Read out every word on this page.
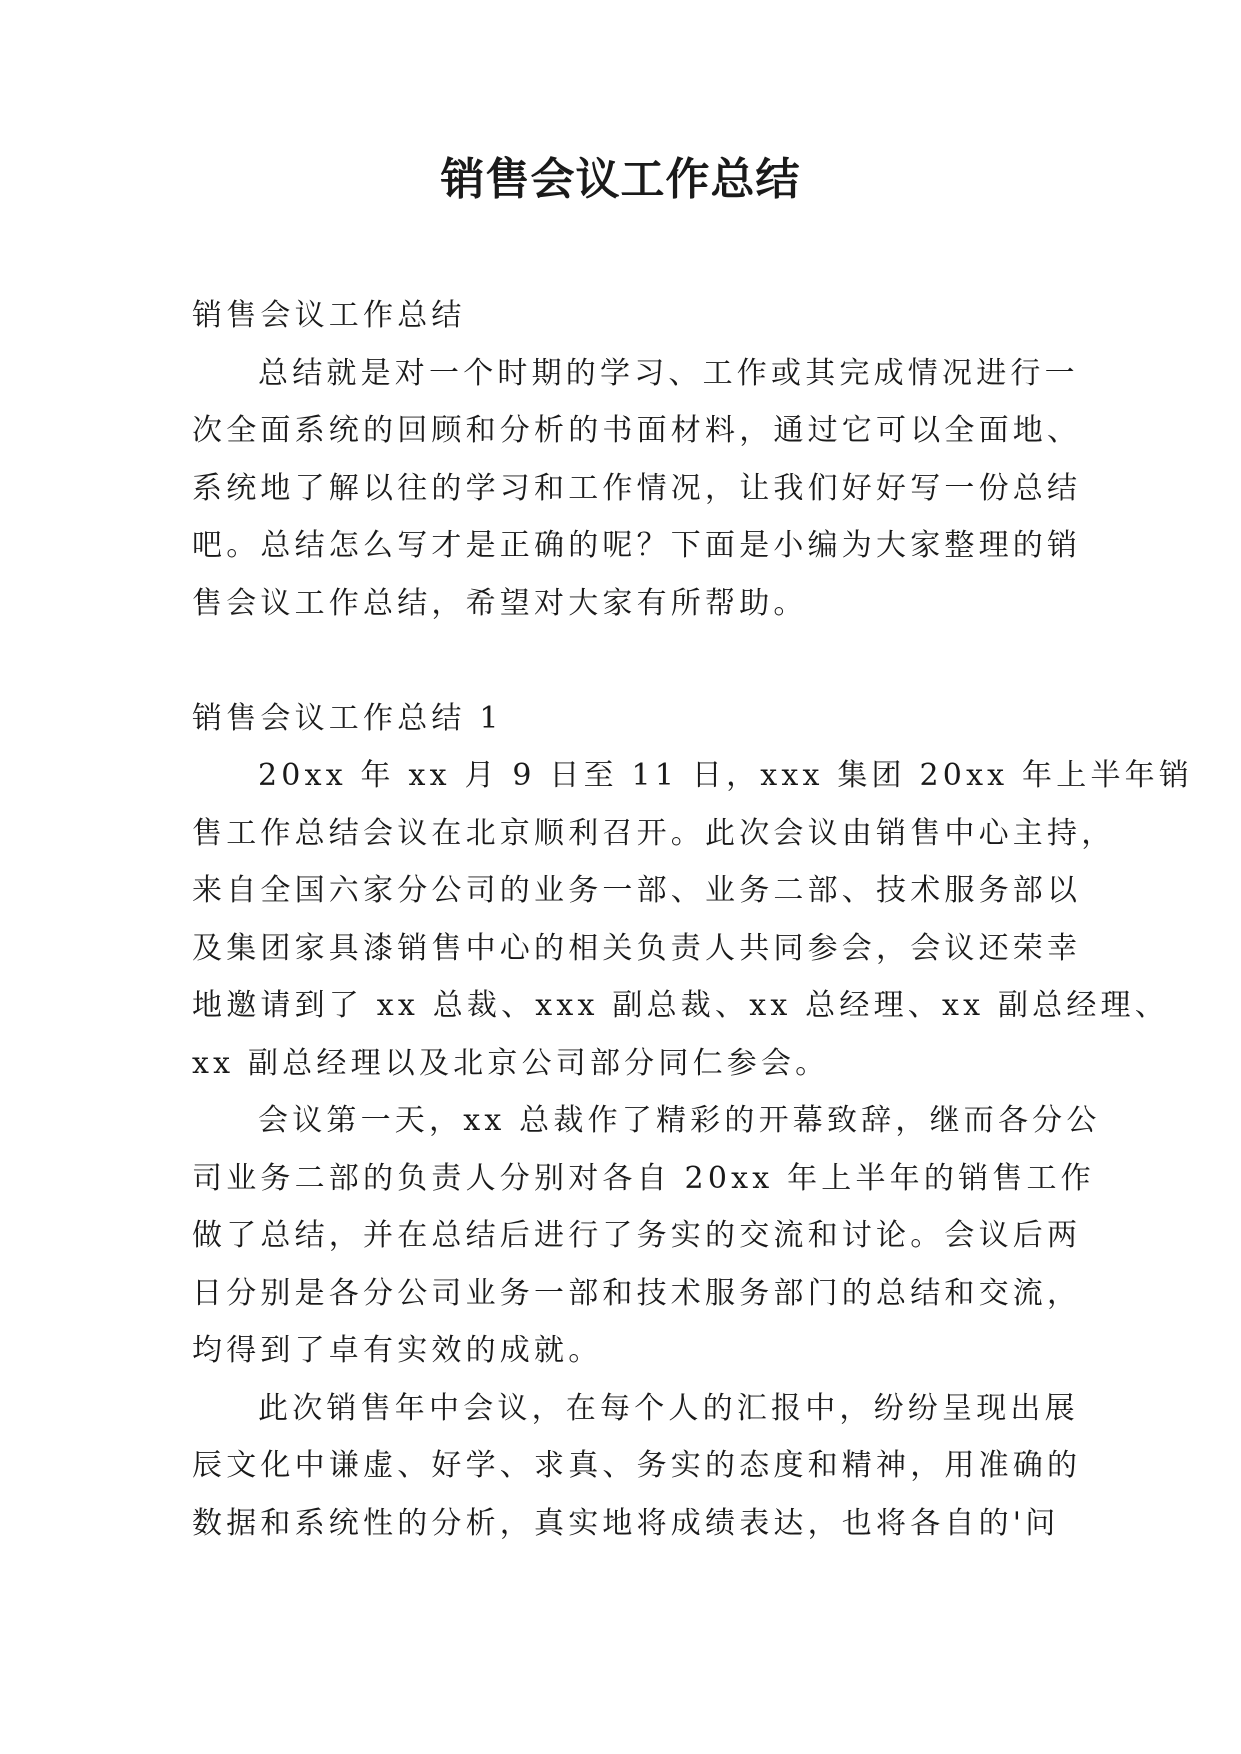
销售会议工作总结
销售会议工作总结
总结就是对一个时期的学习、工作或其完成情况进行一
次全面系统的回顾和分析的书面材料，通过它可以全面地、
系统地了解以往的学习和工作情况，让我们好好写一份总结
吧。总结怎么写才是正确的呢？下面是小编为大家整理的销
售会议工作总结，希望对大家有所帮助。
销售会议工作总结 1
20xx 年 xx 月 9 日至 11 日，xxx 集团 20xx 年上半年销
售工作总结会议在北京顺利召开。此次会议由销售中心主持，
来自全国六家分公司的业务一部、业务二部、技术服务部以
及集团家具漆销售中心的相关负责人共同参会，会议还荣幸
地邀请到了 xx 总裁、xxx 副总裁、xx 总经理、xx 副总经理、
xx 副总经理以及北京公司部分同仁参会。
会议第一天，xx 总裁作了精彩的开幕致辞，继而各分公
司业务二部的负责人分别对各自 20xx 年上半年的销售工作
做了总结，并在总结后进行了务实的交流和讨论。会议后两
日分别是各分公司业务一部和技术服务部门的总结和交流，
均得到了卓有实效的成就。
此次销售年中会议，在每个人的汇报中，纷纷呈现出展
辰文化中谦虚、好学、求真、务实的态度和精神，用准确的
数据和系统性的分析，真实地将成绩表达，也将各自的'问
